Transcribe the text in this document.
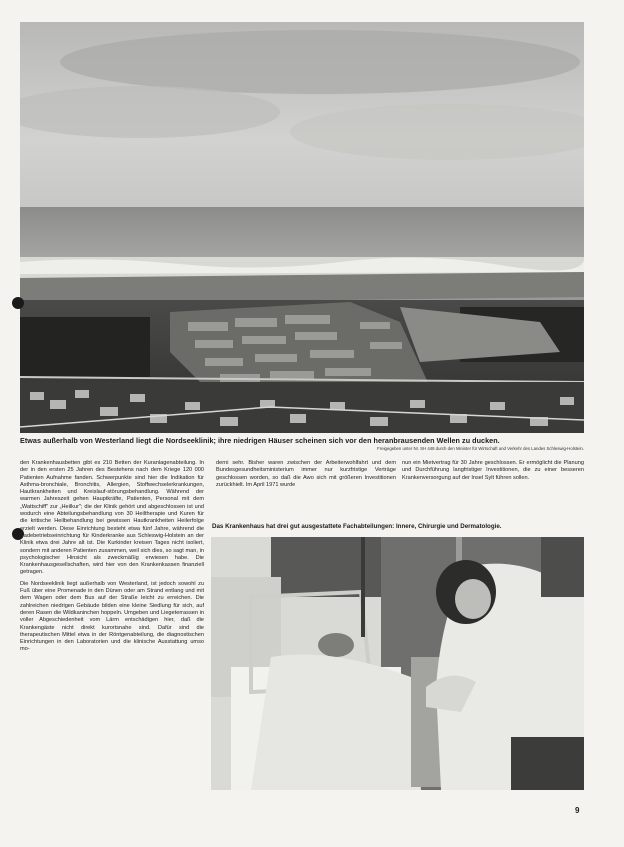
Etwas außerhalb von Westerland liegt die Nordseeklinik; ihre niedrigen Häuser scheinen sich vor den heranbrausenden Wellen zu ducken.
Freigegeben unter Nr. SH 448 durch den Minister für Wirtschaft und Verkehr des Landes Schleswig-Holstein.

den Krankenhausbetten gibt es 210 Betten der Kuranlagenabteilung. In der in den ersten 25 Jahren des Bestehens nach dem Kriege 120 000 Patienten Aufnahme fanden. Schwerpunkte sind hier die Indikation für Asthma-bronchiale, Bronchitis, Allergien, Stoffwechselerkrankungen, Hautkrankheiten und Kreislauf-störungsbehandlung. Während der warmen Jahreszeit gehen Hauptkräfte, Patienten, Personal mit dem „Wattschiff" zur „Heilkur"; die der Klinik gehört und abgeschlossen ist und wodurch eine Abteilungsbehandlung von 30 Heiltherapie und Kuren für die kritische Heilbehandlung bei gewissen Hautkrankheiten Heilerfolge erzielt werden. Diese Einrichtung besteht etwa fünf Jahre, während die Badebetriebseinrichtung für Kinderkranke aus Schleswig-Holstein an der Klinik etwa drei Jahre alt ist. Die Kurkinder kreisen Tages nicht isoliert, sondern mit anderen Patienten zusammen, weil sich dies, so sagt man, in psychologischer Hinsicht als zweckmäßig erwiesen habe. Die Krankenhausgesellschaften, wird hier von den Krankenkassen finanziell getragen.

Die Nordseeklinik liegt außerhalb von Westerland, ist jedoch sowohl zu Fuß über eine Promenade in den Dünen oder am Strand entlang und mit dem Wagen oder dem Bus auf der Straße leicht zu erreichen. Die zahlreichen niedrigen Gebäude bilden eine kleine Siedlung für sich, auf deren Rasen die Wildkaninchen hoppeln. Umgeben und Liegeterrassen in voller Abgeschiedenheit vom Lärm entschädigen hier, daß die Krankengäste nicht direkt kurortsnahe sind. Dafür sind die therapeutischen Mittel etwa in der Röntgenabteilung, die diagnostischen Einrichtungen in den Laboratorien und die klinische Ausstattung umso mo-

derni sehr. Bisher waren zwischen der Arbeiterwohlfahrt und dem Bundesgesundheitsministerium immer nur kurzfristige Verträge geschlossen worden, so daß die Awo sich mit größeren Investitionen zurückhielt. Im April 1971 wurde

nun ein Mietvertrag für 30 Jahre geschlossen. Er ermöglicht die Planung und Durchführung langfristiger Investitionen, die zu einer besseren Krankenversorgung auf der Insel Sylt führen sollen.

Das Krankenhaus hat drei gut ausgestattete Fachabteilungen: Innere, Chirurgie und Dermatologie.
9
